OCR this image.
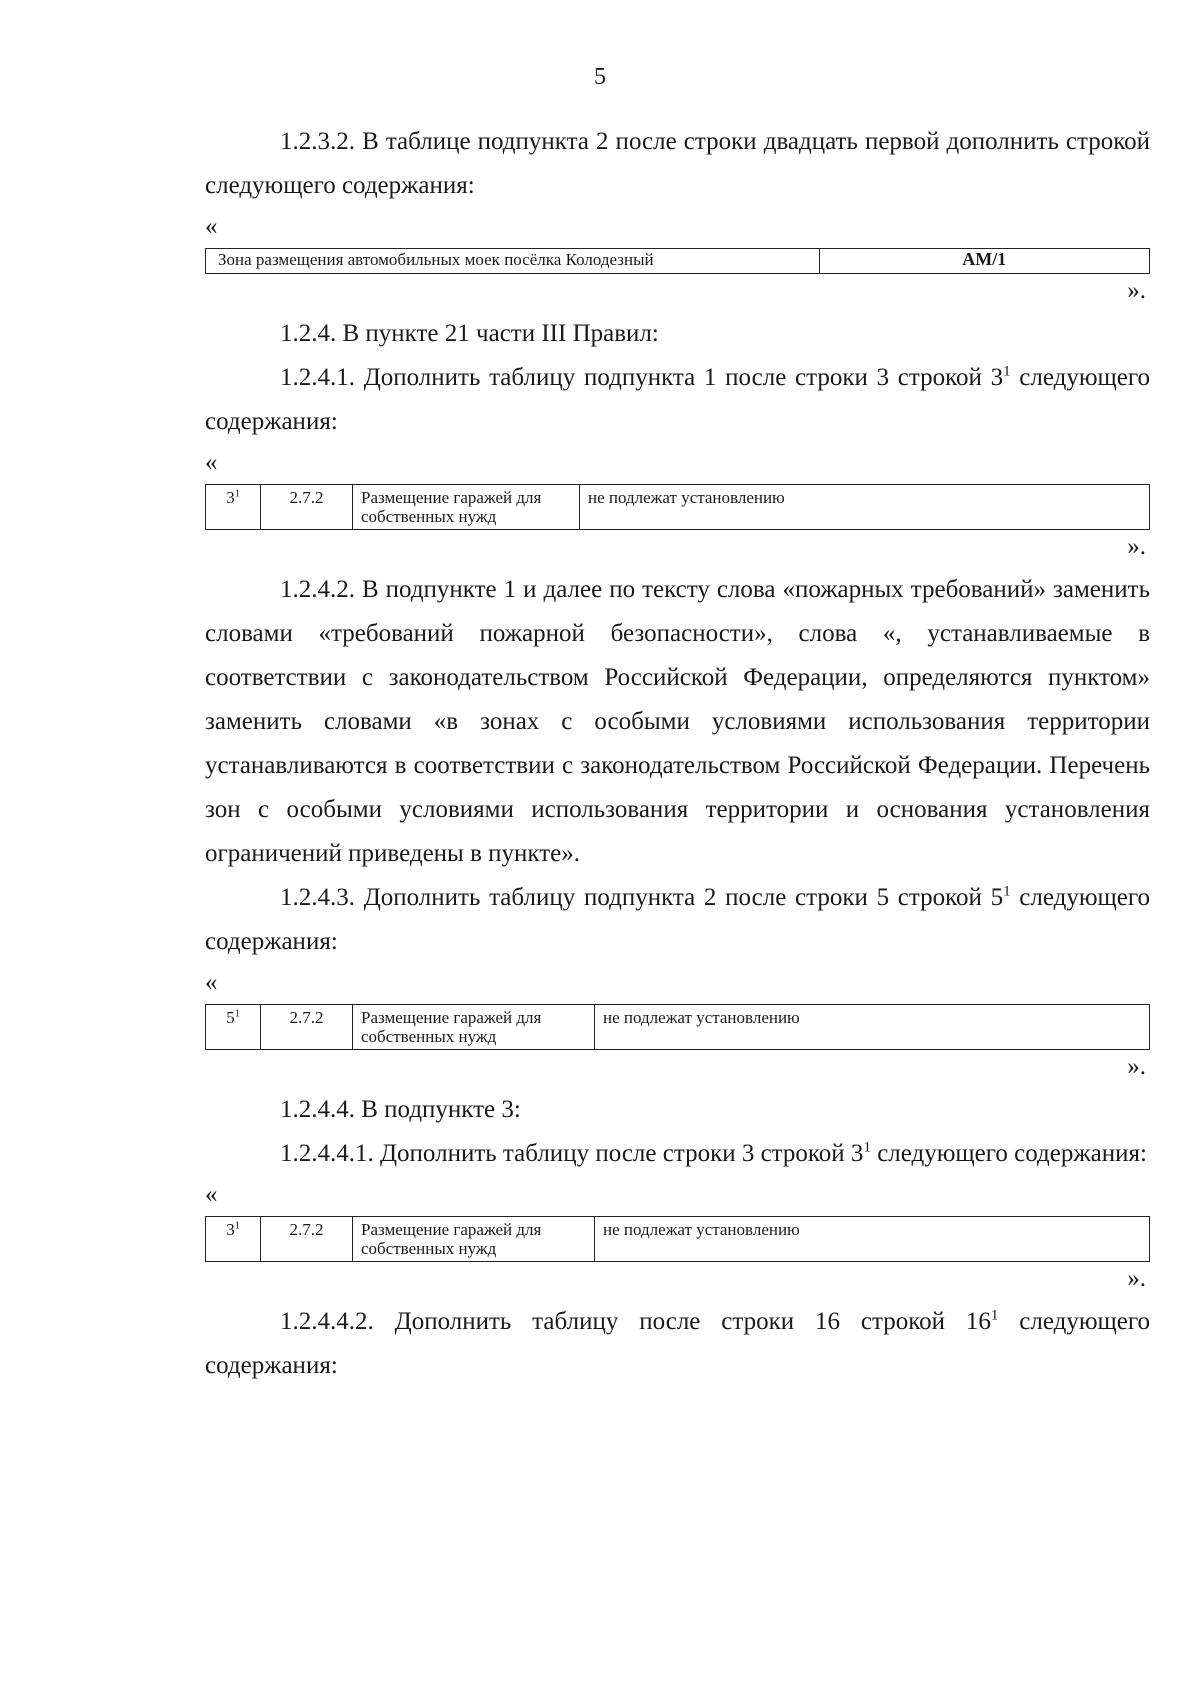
5

1.2.3.2. В таблице подпункта 2 после строки двадцать первой дополнить строкой следующего содержания:

«
Зона размещения автомобильных моек посёлка Колодезный	АМ/1
».

1.2.4. В пункте 21 части III Правил:

1.2.4.1. Дополнить таблицу подпункта 1 после строки 3 строкой $3^1$ следующего содержания:

«
$3^1$	2.7.2	Размещение гаражей для собственных нужд	не подлежат установлению
».

1.2.4.2. В подпункте 1 и далее по тексту слова «пожарных требований» заменить словами «требований пожарной безопасности», слова «, устанавливаемые в соответствии с законодательством Российской Федерации, определяются пунктом» заменить словами «в зонах с особыми условиями использования территории устанавливаются в соответствии с законодательством Российской Федерации. Перечень зон с особыми условиями использования территории и основания установления ограничений приведены в пункте».

1.2.4.3. Дополнить таблицу подпункта 2 после строки 5 строкой $5^1$ следующего содержания:

«
$5^1$	2.7.2	Размещение гаражей для собственных нужд	не подлежат установлению
».

1.2.4.4. В подпункте 3:

1.2.4.4.1. Дополнить таблицу после строки 3 строкой $3^1$ следующего содержания:

«
$3^1$	2.7.2	Размещение гаражей для собственных нужд	не подлежат установлению
».

1.2.4.4.2. Дополнить таблицу после строки 16 строкой $16^1$ следующего содержания:
